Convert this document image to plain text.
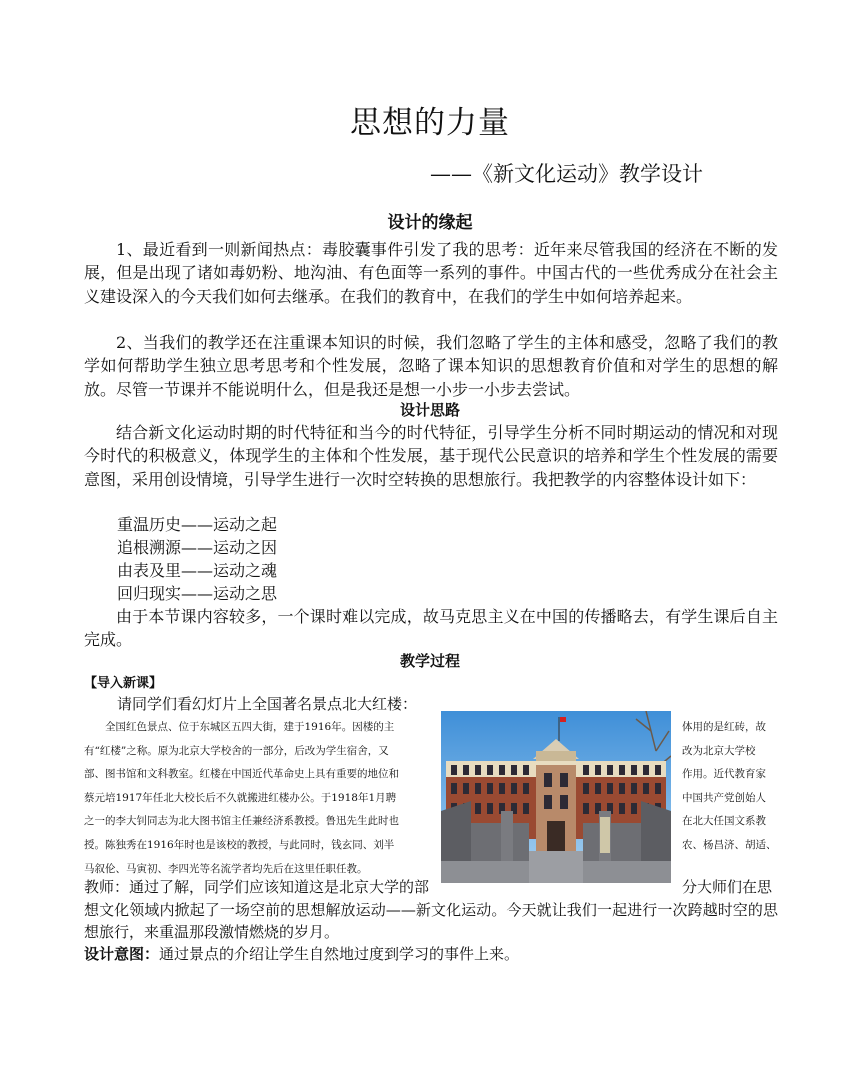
思想的力量
——《新文化运动》教学设计
设计的缘起
1、最近看到一则新闻热点：毒胶囊事件引发了我的思考：近年来尽管我国的经济在不断的发展，但是出现了诸如毒奶粉、地沟油、有色面等一系列的事件。中国古代的一些优秀成分在社会主义建设深入的今天我们如何去继承。在我们的教育中，在我们的学生中如何培养起来。
2、当我们的教学还在注重课本知识的时候，我们忽略了学生的主体和感受，忽略了我们的教学如何帮助学生独立思考思考和个性发展，忽略了课本知识的思想教育价值和对学生的思想的解放。尽管一节课并不能说明什么，但是我还是想一小步一小步去尝试。
设计思路
结合新文化运动时期的时代特征和当今的时代特征，引导学生分析不同时期运动的情况和对现今时代的积极意义，体现学生的主体和个性发展，基于现代公民意识的培养和学生个性发展的需要意图，采用创设情境，引导学生进行一次时空转换的思想旅行。我把教学的内容整体设计如下：
重温历史——运动之起
追根溯源——运动之因
由表及里——运动之魂
回归现实——运动之思
由于本节课内容较多，一个课时难以完成，故马克思主义在中国的传播略去，有学生课后自主完成。
教学过程
【导入新课】
请同学们看幻灯片上全国著名景点北大红楼：
全国红色景点、位于东城区五四大街，建于1916年。因楼的主
有“红楼”之称。原为北京大学校舍的一部分，后改为学生宿舍，又
部、图书馆和文科教室。红楼在中国近代革命史上具有重要的地位和
蔡元培1917年任北大校长后不久就搬进红楼办公。于1918年1月聘
之一的李大钊同志为北大图书馆主任兼经济系教授。鲁迅先生此时也
授。陈独秀在1916年时也是该校的教授，与此同时，钱玄同、刘半
马叙伦、马寅初、李四光等名流学者均先后在这里任职任教。
体用的是红砖，故
改为北京大学校
作用。近代教育家
中国共产党创始人
在北大任国文系教
农、杨昌济、胡适、
教师：通过了解，同学们应该知道这是北京大学的部	分大师们在思
想文化领域内掀起了一场空前的思想解放运动——新文化运动。今天就让我们一起进行一次跨越时空的思想旅行，来重温那段激情燃烧的岁月。
设计意图：通过景点的介绍让学生自然地过度到学习的事件上来。
